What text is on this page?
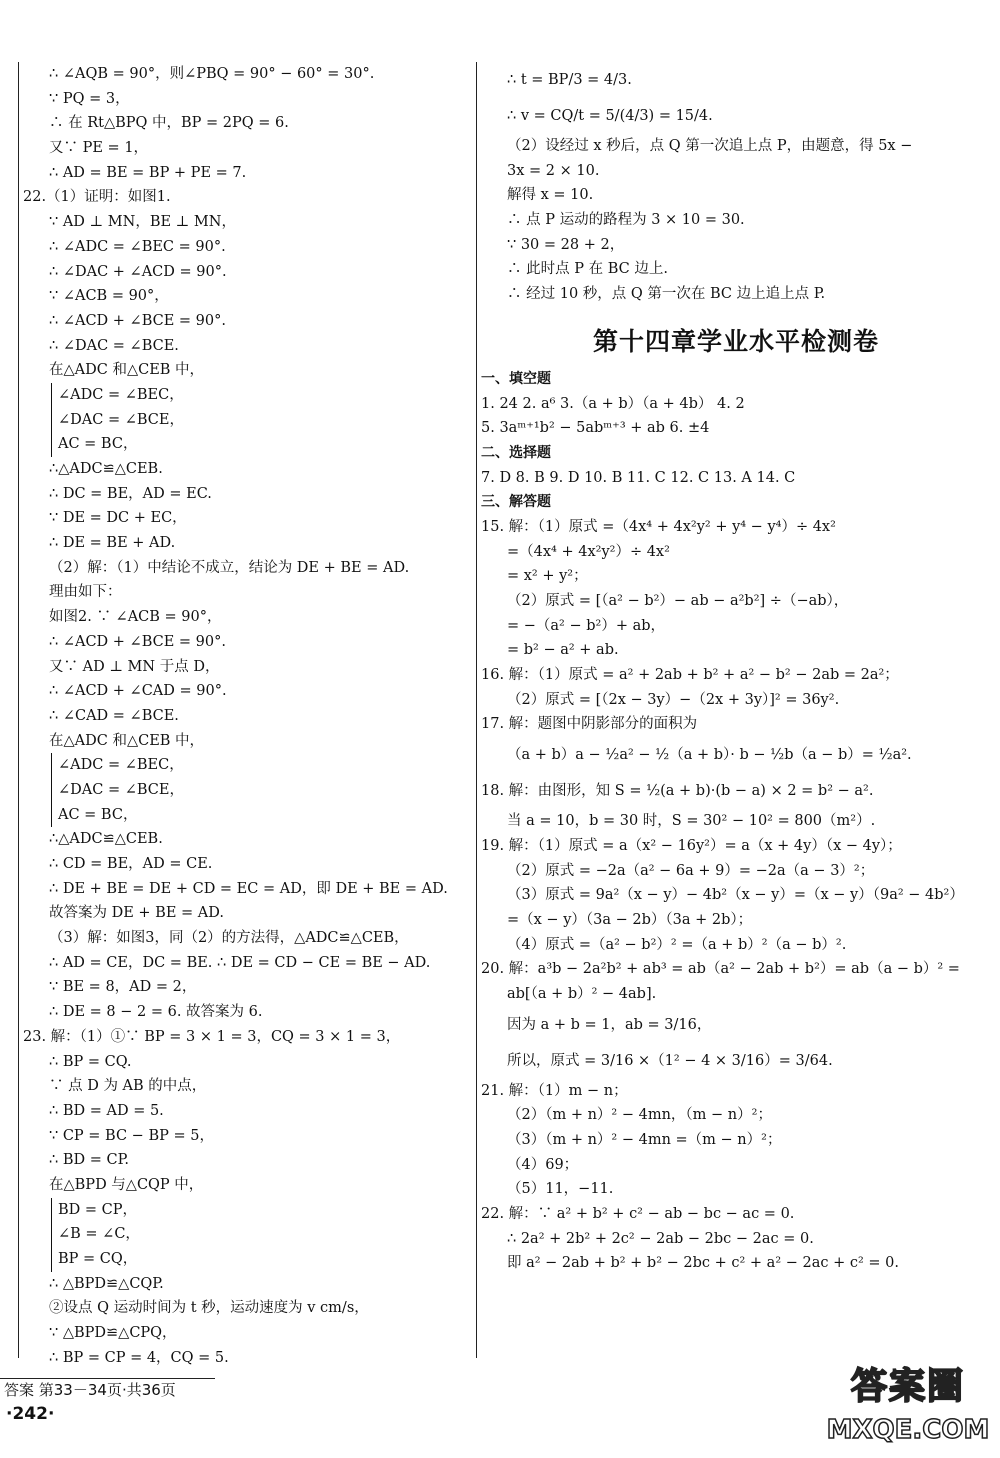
∴ ∠AQB = 90°，则∠PBQ = 90° − 60° = 30°.
∵ PQ = 3，
∴ 在 Rt△BPQ 中，BP = 2PQ = 6.
又∵ PE = 1，
∴ AD = BE = BP + PE = 7.
22.（1）证明：如图1.
∵ AD ⊥ MN，BE ⊥ MN，
∴ ∠ADC = ∠BEC = 90°.
∴ ∠DAC + ∠ACD = 90°.
∵ ∠ACB = 90°，
∴ ∠ACD + ∠BCE = 90°.
∴ ∠DAC = ∠BCE.
在△ADC 和△CEB 中，
∠ADC = ∠BEC，
∠DAC = ∠BCE，
AC = BC，
∴△ADC≌△CEB.
∴ DC = BE，AD = EC.
∵ DE = DC + EC，
∴ DE = BE + AD.
（2）解：（1）中结论不成立，结论为 DE + BE = AD.
理由如下：
如图2. ∵ ∠ACB = 90°，
∴ ∠ACD + ∠BCE = 90°.
又∵ AD ⊥ MN 于点 D，
∴ ∠ACD + ∠CAD = 90°.
∴ ∠CAD = ∠BCE.
在△ADC 和△CEB 中，
∠ADC = ∠BEC，
∠DAC = ∠BCE，
AC = BC，
∴△ADC≌△CEB.
∴ CD = BE，AD = CE.
∴ DE + BE = DE + CD = EC = AD，即 DE + BE = AD.
故答案为 DE + BE = AD.
（3）解：如图3，同（2）的方法得，△ADC≌△CEB，
∴ AD = CE，DC = BE. ∴ DE = CD − CE = BE − AD.
∵ BE = 8，AD = 2，
∴ DE = 8 − 2 = 6. 故答案为 6.
23. 解：（1）①∵ BP = 3 × 1 = 3，CQ = 3 × 1 = 3，
∴ BP = CQ.
∵ 点 D 为 AB 的中点，
∴ BD = AD = 5.
∵ CP = BC − BP = 5，
∴ BD = CP.
在△BPD 与△CQP 中，
BD = CP，
∠B = ∠C，
BP = CQ，
∴ △BPD≌△CQP.
②设点 Q 运动时间为 t 秒，运动速度为 v cm/s，
∵ △BPD≌△CPQ，
∴ BP = CP = 4，CQ = 5.
∴ t = BP/3 = 4/3.
∴ v = CQ/t = 5/(4/3) = 15/4.
（2）设经过 x 秒后，点 Q 第一次追上点 P，由题意，得 5x −
3x = 2 × 10.
解得 x = 10.
∴ 点 P 运动的路程为 3 × 10 = 30.
∵ 30 = 28 + 2，
∴ 此时点 P 在 BC 边上.
∴ 经过 10 秒，点 Q 第一次在 BC 边上追上点 P.
第十四章学业水平检测卷
一、填空题
1. 24 2. a⁶ 3.（a + b）（a + 4b） 4. 2
5. 3aᵐ⁺¹b² − 5abᵐ⁺³ + ab 6. ±4
二、选择题
7. D 8. B 9. D 10. B 11. C 12. C 13. A 14. C
三、解答题
15. 解：（1）原式 =（4x⁴ + 4x²y² + y⁴ − y⁴）÷ 4x²
=（4x⁴ + 4x²y²）÷ 4x²
= x² + y²；
（2）原式 = [（a² − b²）− ab − a²b²] ÷（−ab），
= −（a² − b²）+ ab，
= b² − a² + ab.
16. 解：（1）原式 = a² + 2ab + b² + a² − b² − 2ab = 2a²；
（2）原式 = [（2x − 3y）−（2x + 3y）]² = 36y².
17. 解：题图中阴影部分的面积为
（a + b）a − ½a² − ½（a + b）· b − ½b（a − b）= ½a².
18. 解：由图形，知 S = ½(a + b)·(b − a) × 2 = b² − a².
当 a = 10，b = 30 时，S = 30² − 10² = 800（m²）.
19. 解：（1）原式 = a（x² − 16y²）= a（x + 4y）（x − 4y）；
（2）原式 = −2a（a² − 6a + 9）= −2a（a − 3）²；
（3）原式 = 9a²（x − y）− 4b²（x − y）=（x − y）（9a² − 4b²）
=（x − y）（3a − 2b）（3a + 2b）；
（4）原式 =（a² − b²）² =（a + b）²（a − b）².
20. 解：a³b − 2a²b² + ab³ = ab（a² − 2ab + b²）= ab（a − b）² =
ab[（a + b）² − 4ab].
因为 a + b = 1，ab = 3/16，
所以，原式 = 3/16 ×（1² − 4 × 3/16）= 3/64.
21. 解：（1）m − n；
（2）（m + n）² − 4mn，（m − n）²；
（3）（m + n）² − 4mn =（m − n）²；
（4）69；
（5）11，−11.
22. 解：∵ a² + b² + c² − ab − bc − ac = 0.
∴ 2a² + 2b² + 2c² − 2ab − 2bc − 2ac = 0.
即 a² − 2ab + b² + b² − 2bc + c² + a² − 2ac + c² = 0.
答案 第33－34页·共36页
·242·
答案圈
MXQE.COM
